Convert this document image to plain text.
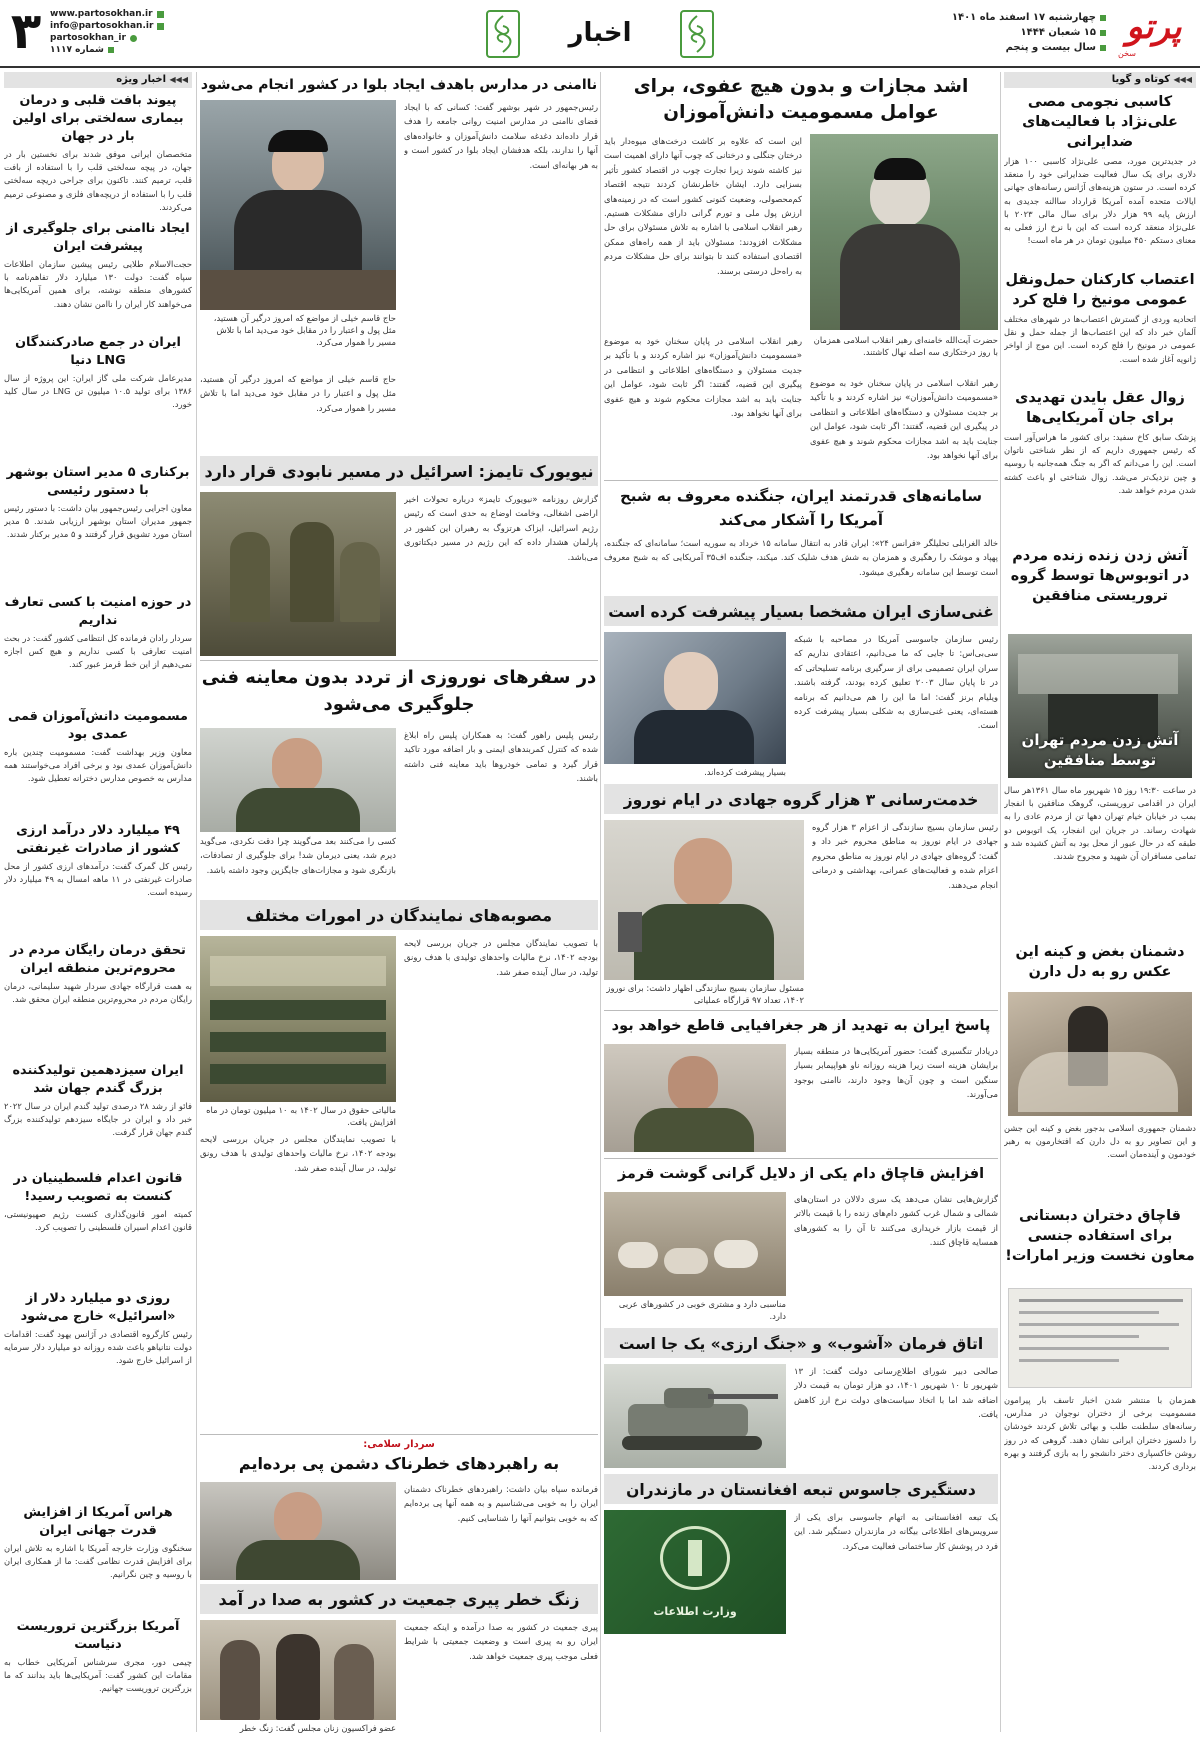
پرتو
سخن
چهارشنبه ۱۷ اسفند ماه ۱۴۰۱
۱۵ شعبان ۱۴۴۴
سال بیست و پنجم
اخبار
www.partosokhan.ir
info@partosokhan.ir
partosokhan_ir
شماره ۱۱۱۷
۳
◀◀◀ کوتاه و گویا
کاسبی نجومی مصی علی‌نژاد با فعالیت‌های ضدایرانی
در جدیدترین مورد، مصی علی‌نژاد کاسبی ۱۰۰ هزار دلاری برای یک سال فعالیت ضدایرانی خود را منعقد کرده است. در ستون هزینه‌های آژانس رسانه‌های جهانی ایالات متحده آمده آمریکا قرارداد ساالنه جدیدی به ارزش پایه ۹۹ هزار دلار برای سال مالی ۲۰۲۳ با علی‌نژاد منعقد کرده است که این با نرخ ارز فعلی به معنای دستکم ۴۵۰ میلیون تومان در هر ماه است!
اعتصاب کارکنان حمل‌ونقل عمومی مونیخ را فلج کرد
اتحادیه وردی از گسترش اعتصاب‌ها در شهرهای مختلف آلمان خبر داد که این اعتصاب‌ها از جمله حمل و نقل عمومی در مونیخ را فلج کرده است. این موج از اواخر ژانویه آغاز شده است.
زوال عقل بایدن تهدیدی برای جان آمریکایی‌ها
پزشک سابق کاخ سفید: برای کشور ما هراس‌آور است که رئیس جمهوری داریم که از نظر شناختی ناتوان است. این را می‌دانم که اگر به جنگ همه‌جانبه با روسیه و چین نزدیک‌تر می‌شد. زوال شناختی او باعث کشته شدن مردم خواهد شد.
آتش زدن زنده زنده مردم در اتوبوس‌ها توسط گروه تروریستی منافقین
آتش زدن مردم تهران توسط منافقین
در ساعت ۱۹:۳۰ روز ۱۵ شهریور ماه سال ۱۳۶۱هر سال ایران در اقدامی تروریستی، گروهک منافقین با انفجار بمب در خیابان خیام تهران دهها تن از مردم عادی را به شهادت رساند. در جریان این انفجار، یک اتوبوس دو طبقه که در حال عبور از محل بود به آتش کشیده شد و تمامی مسافران آن شهید و مجروح شدند.
دشمنان بغض و کینه این عکس رو به دل دارن
دشمنان جمهوری اسلامی بدجور بغض و کینه این جشن و این تصاویر رو به دل دارن که افتخارمون به رهبر خودمون و آینده‌مان است.
قاچاق دختران دبستانی برای استفاده جنسی معاون نخست وزیر امارات!
همزمان با منتشر شدن اخبار تاسف بار پیرامون مسمومیت برخی از دختران نوجوان در مدارس، رسانه‌های سلطنت طلب و بهائی تلاش کردند خودشان را دلسوز دختران ایرانی نشان دهند. گروهی که در روز روشن خاکسپاری دختر دانشجو را به بازی گرفتند و بهره برداری کردند.
اشد مجازات و بدون هیچ عفوی، برای عوامل مسمومیت دانش‌آموزان
حضرت آیت‌الله خامنه‌ای رهبر انقلاب اسلامی همزمان با روز درختکاری سه اصله نهال کاشتند.
این است که علاوه بر کاشت درخت‌های میوه‌دار باید درختان جنگلی و درختانی که چوب آنها دارای اهمیت است نیز کاشته شوند زیرا تجارت چوب در اقتصاد کشور تأثیر بسزایی دارد. ایشان خاطرنشان کردند نتیجه اقتصاد کم‌محصولی، وضعیت کنونی کشور است که در زمینه‌های ارزش پول ملی و تورم گرانی دارای مشکلات هستیم. رهبر انقلاب اسلامی با اشاره به تلاش مسئولان برای حل مشکلات افزودند: مسئولان باید از همه راه‌های ممکن اقتصادی استفاده کنند تا بتوانند برای حل مشکلات مردم به راه‌حل درستی برسند.
رهبر انقلاب اسلامی در پایان سخنان خود به موضوع «مسمومیت دانش‌آموزان» نیز اشاره کردند و با تأکید بر جدیت مسئولان و دستگاه‌های اطلاعاتی و انتظامی در پیگیری این قضیه، گفتند: اگر ثابت شود، عوامل این جنایت باید به اشد مجازات محکوم شوند و هیچ عفوی برای آنها نخواهد بود.
رهبر انقلاب اسلامی در پایان سخنان خود به موضوع «مسمومیت دانش‌آموزان» نیز اشاره کردند و با تأکید بر جدیت مسئولان و دستگاه‌های اطلاعاتی و انتظامی در پیگیری این قضیه، گفتند: اگر ثابت شود، عوامل این جنایت باید به اشد مجازات محکوم شوند و هیچ عفوی برای آنها نخواهد بود.
سامانه‌های قدرتمند ایران، جنگنده معروف به شبح آمریکا را آشکار می‌کند
خالد الغرابلی تحلیلگر «فرانس ۲۴»: ایران قادر به انتقال سامانه ۱۵ خرداد به سوریه است؛ سامانه‌ای که جنگنده، پهپاد و موشک را رهگیری و همزمان به شش هدف شلیک کند. میکند، جنگنده اف‌۳۵ آمریکایی که به شبح معروف است توسط این سامانه رهگیری میشود.
غنی‌سازی ایران مشخصا بسیار پیشرفت کرده است
بسیار پیشرفت کرده‌اند.
رئیس سازمان جاسوسی آمریکا در مصاحبه با شبکه سی‌بی‌اس: تا جایی که ما می‌دانیم، اعتقادی نداریم که سران ایران تصمیمی برای از سرگیری برنامه تسلیحاتی که در تا پایان سال ۲۰۰۳ تعلیق کرده بودند، گرفته باشند. ویلیام برنز گفت: اما ما این را هم می‌دانیم که برنامه هسته‌ای، یعنی غنی‌سازی به شکلی بسیار پیشرفت کرده است.
خدمت‌رسانی ۳ هزار گروه جهادی در ایام نوروز
مسئول سازمان بسیج سازندگی اظهار داشت: برای نوروز ۱۴۰۲، تعداد ۹۷ قرارگاه عملیاتی
رئیس سازمان بسیج سازندگی از اعزام ۳ هزار گروه جهادی در ایام نوروز به مناطق محروم خبر داد و گفت: گروه‌های جهادی در ایام نوروز به مناطق محروم اعزام شده و فعالیت‌های عمرانی، بهداشتی و درمانی انجام می‌دهند.
پاسخ ایران به تهدید از هر جغرافیایی قاطع خواهد بود
دریادار تنگسیری گفت: حضور آمریکایی‌ها در منطقه بسیار برایشان هزینه است زیرا هزینه روزانه ناو هواپیمابر بسیار سنگین است و چون آن‌ها وجود دارند، ناامنی بوجود می‌آورند.
افزایش قاچاق دام یکی از دلایل گرانی گوشت قرمز
مناسبی دارد و مشتری خوبی در کشورهای عربی دارد.
گزارش‌هایی نشان می‌دهد یک سری دلالان در استان‌های شمالی و شمال غرب کشور دام‌های زنده را با قیمت بالاتر از قیمت بازار خریداری می‌کنند تا آن را به کشورهای همسایه قاچاق کنند.
اتاق فرمان «آشوب» و «جنگ ارزی» یک جا است
صالحی دبیر شورای اطلاع‌رسانی دولت گفت: از ۱۳ شهریور تا ۱۰ شهریور ۱۴۰۱، دو هزار تومان به قیمت دلار اضافه شد اما با اتخاذ سیاست‌های دولت نرخ ارز کاهش یافت.
دستگیری جاسوس تبعه افغانستان در مازندران
وزارت اطلاعات
یک تبعه افغانستانی به اتهام جاسوسی برای یکی از سرویس‌های اطلاعاتی بیگانه در مازندران دستگیر شد. این فرد در پوشش کار ساختمانی فعالیت می‌کرد.
ناامنی در مدارس باهدف ایجاد بلوا در کشور انجام می‌شود
حاج قاسم خیلی از مواضع که امروز درگیر آن هستید، مثل پول و اعتبار را در مقابل خود می‌دید اما با تلاش مسیر را هموار می‌کرد.
رئیس‌جمهور در شهر بوشهر گفت: کسانی که با ایجاد فضای ناامنی در مدارس امنیت روانی جامعه را هدف قرار داده‌اند دغدغه سلامت دانش‌آموزان و خانواده‌های آنها را ندارند، بلکه هدفشان ایجاد بلوا در کشور است و به هر بهانه‌ای است.
حاج قاسم خیلی از مواضع که امروز درگیر آن هستید، مثل پول و اعتبار را در مقابل خود می‌دید اما با تلاش مسیر را هموار می‌کرد.
نیویورک تایمز: اسرائیل در مسیر نابودی قرار دارد
گزارش روزنامه «نیویورک تایمز» درباره تحولات اخیر اراضی اشغالی، وخامت اوضاع به حدی است که رئیس رژیم اسرائیل، ایزاک هرتزوگ به رهبران این کشور در پارلمان هشدار داده که این رژیم در مسیر دیکتاتوری می‌باشد.
در سفرهای نوروزی از تردد بدون معاینه فنی جلوگیری می‌شود
رئیس پلیس راهور گفت: به همکاران پلیس راه ابلاغ شده که کنترل کمربندهای ایمنی و بار اضافه مورد تاکید قرار گیرد و تمامی خودروها باید معاینه فنی داشته باشند.
کسی را می‌کنند بعد می‌گویند چرا دقت نکردی، می‌گوید دیرم شد، یعنی دیرمان شد! برای جلوگیری از تصادفات، بازنگری شود و مجازات‌های جایگزین وجود داشته باشد.
مصوبه‌های نمایندگان در امورات مختلف
مالیاتی حقوق در سال ۱۴۰۲ به ۱۰ میلیون تومان در ماه افزایش یافت.
با تصویب نمایندگان مجلس در جریان بررسی لایحه بودجه ۱۴۰۲، نرخ مالیات واحدهای تولیدی با هدف رونق تولید، در سال آینده صفر شد.
با تصویب نمایندگان مجلس در جریان بررسی لایحه بودجه ۱۴۰۲، نرخ مالیات واحدهای تولیدی با هدف رونق تولید، در سال آینده صفر شد.
سردار سلامی:
به راهبردهای خطرناک دشمن پی برده‌ایم
فرمانده سپاه بیان داشت: راهبردهای خطرناک دشمنان ایران را به خوبی می‌شناسیم و به همه آنها پی برده‌ایم که به خوبی بتوانیم آنها را شناسایی کنیم.
زنگ خطر پیری جمعیت در کشور به صدا در آمد
عضو فراکسیون زنان مجلس گفت: زنگ خطر
پیری جمعیت در کشور به صدا درآمده و اینکه جمعیت ایران رو به پیری است و وضعیت جمعیتی با شرایط فعلی موجب پیری جمعیت خواهد شد.
◀◀◀ اخبار ویژه
پیوند بافت قلبی و درمان بیماری سه‌لختی برای اولین بار در جهان
متخصصان ایرانی موفق شدند برای نخستین بار در جهان، در پیچه سه‌لختی قلب را با استفاده از بافت قلب، ترمیم کنند. تاکنون برای جراحی دریچه سه‌لختی قلب را با استفاده از دریچه‌های فلزی و مصنوعی ترمیم می‌کردند.
ایجاد ناامنی برای جلوگیری از پیشرفت ایران
حجت‌الاسلام طلایی رئیس پیشین سازمان اطلاعات سپاه گفت: دولت ۱۳۰ میلیارد دلار تفاهم‌نامه با کشورهای منطقه نوشته، برای همین آمریکایی‌ها می‌خواهند کار ایران را ناامن نشان دهند.
ایران در جمع صادرکنندگان LNG دنیا
مدیرعامل شرکت ملی گاز ایران: این پروژه از سال ۱۳۸۶ برای تولید ۱۰.۵ میلیون تن LNG در سال کلید خورد.
برکناری ۵ مدیر استان بوشهر با دستور رئیسی
معاون اجرایی رئیس‌جمهور بیان داشت: با دستور رئیس جمهور مدیران استان بوشهر ارزیابی شدند. ۵ مدیر استان مورد تشویق قرار گرفتند و ۵ مدیر برکنار شدند.
در حوزه امنیت با کسی تعارف نداریم
سردار رادان فرمانده کل انتظامی کشور گفت: در بحث امنیت تعارفی با کسی نداریم و هیچ کس اجازه نمی‌دهیم از این خط قرمز عبور کند.
مسمومیت دانش‌آموزان قمی عمدی بود
معاون وزیر بهداشت گفت: مسمومیت چندین باره دانش‌آموزان عمدی بود و برخی افراد می‌خواستند همه مدارس به خصوص مدارس دخترانه تعطیل شود.
۴۹ میلیارد دلار درآمد ارزی کشور از صادرات غیرنفتی
رئیس کل گمرک گفت: درآمدهای ارزی کشور از محل صادرات غیرنفتی در ۱۱ ماهه امسال به ۴۹ میلیارد دلار رسیده است.
تحقق درمان رایگان مردم در محروم‌ترین منطقه ایران
به همت قرارگاه جهادی سردار شهید سلیمانی، درمان رایگان مردم در محروم‌ترین منطقه ایران محقق شد.
ایران سیزدهمین تولیدکننده بزرگ گندم جهان شد
فائو از رشد ۲۸ درصدی تولید گندم ایران در سال ۲۰۲۲ خبر داد و ایران در جایگاه سیزدهم تولیدکننده بزرگ گندم جهان قرار گرفت.
قانون اعدام فلسطینیان در کنست به تصویب رسید!
کمیته امور قانون‌گذاری کنست رژیم صهیونیستی، قانون اعدام اسیران فلسطینی را تصویب کرد.
روزی دو میلیارد دلار از «اسرائیل» خارج می‌شود
رئیس کارگروه اقتصادی در آژانس یهود گفت: اقدامات دولت نتانیاهو باعث شده روزانه دو میلیارد دلار سرمایه از اسرائیل خارج شود.
هراس آمریکا از افزایش قدرت جهانی ایران
سخنگوی وزارت خارجه آمریکا با اشاره به تلاش ایران برای افزایش قدرت نظامی گفت: ما از همکاری ایران با روسیه و چین نگرانیم.
آمریکا بزرگترین تروریست دنیاست
چیمی دور، مجری سرشناس آمریکایی خطاب به مقامات این کشور گفت: آمریکایی‌ها باید بدانند که ما بزرگترین تروریست جهانیم.
